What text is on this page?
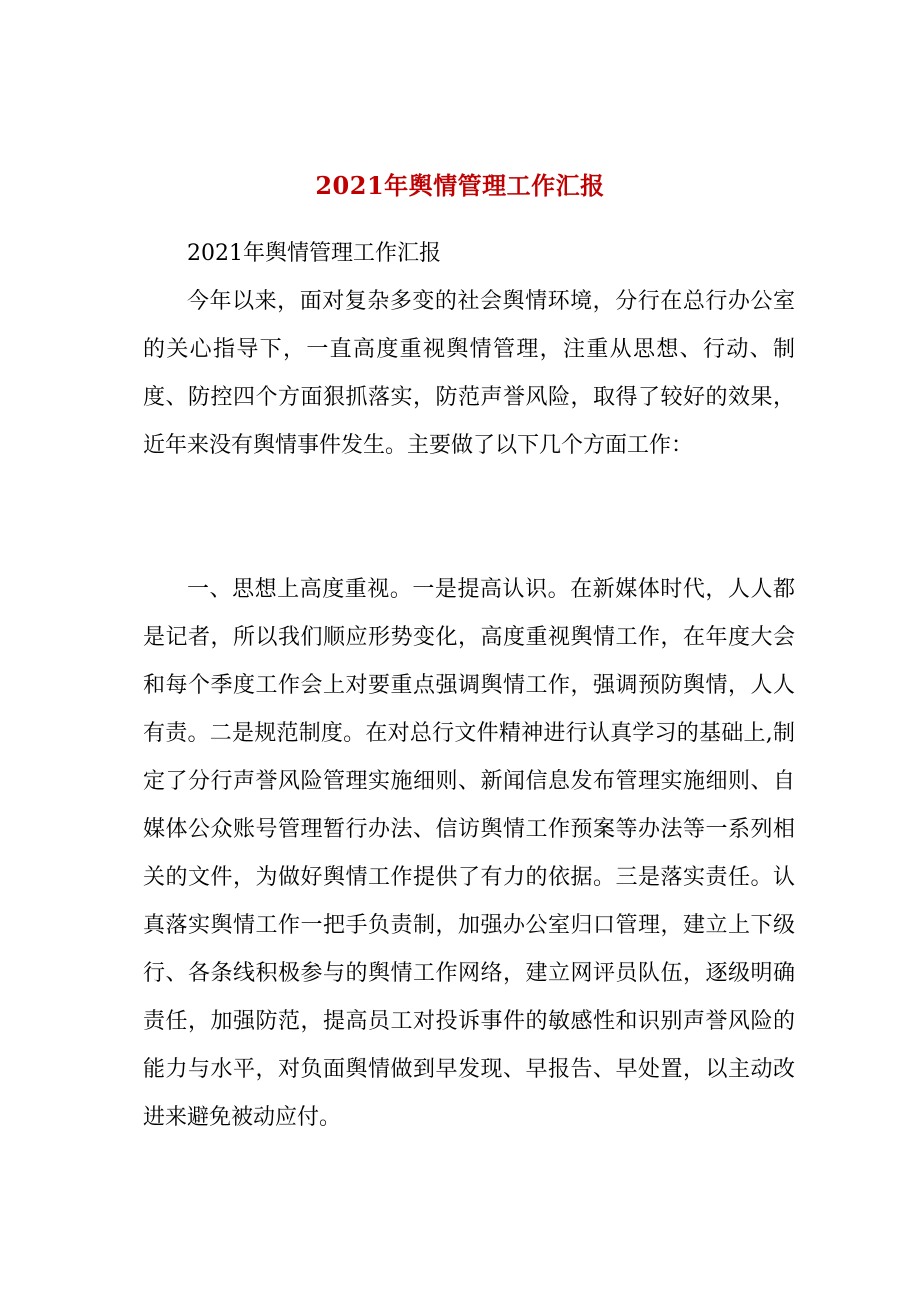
2021年舆情管理工作汇报

2021年舆情管理工作汇报

今年以来，面对复杂多变的社会舆情环境，分行在总行办公室的关心指导下，一直高度重视舆情管理，注重从思想、行动、制度、防控四个方面狠抓落实，防范声誉风险，取得了较好的效果，近年来没有舆情事件发生。主要做了以下几个方面工作：

一、思想上高度重视。一是提高认识。在新媒体时代，人人都是记者，所以我们顺应形势变化，高度重视舆情工作，在年度大会和每个季度工作会上对要重点强调舆情工作，强调预防舆情，人人有责。二是规范制度。在对总行文件精神进行认真学习的基础上,制定了分行声誉风险管理实施细则、新闻信息发布管理实施细则、自媒体公众账号管理暂行办法、信访舆情工作预案等办法等一系列相关的文件，为做好舆情工作提供了有力的依据。三是落实责任。认真落实舆情工作一把手负责制，加强办公室归口管理，建立上下级行、各条线积极参与的舆情工作网络，建立网评员队伍，逐级明确责任，加强防范，提高员工对投诉事件的敏感性和识别声誉风险的能力与水平，对负面舆情做到早发现、早报告、早处置，以主动改进来避免被动应付。
